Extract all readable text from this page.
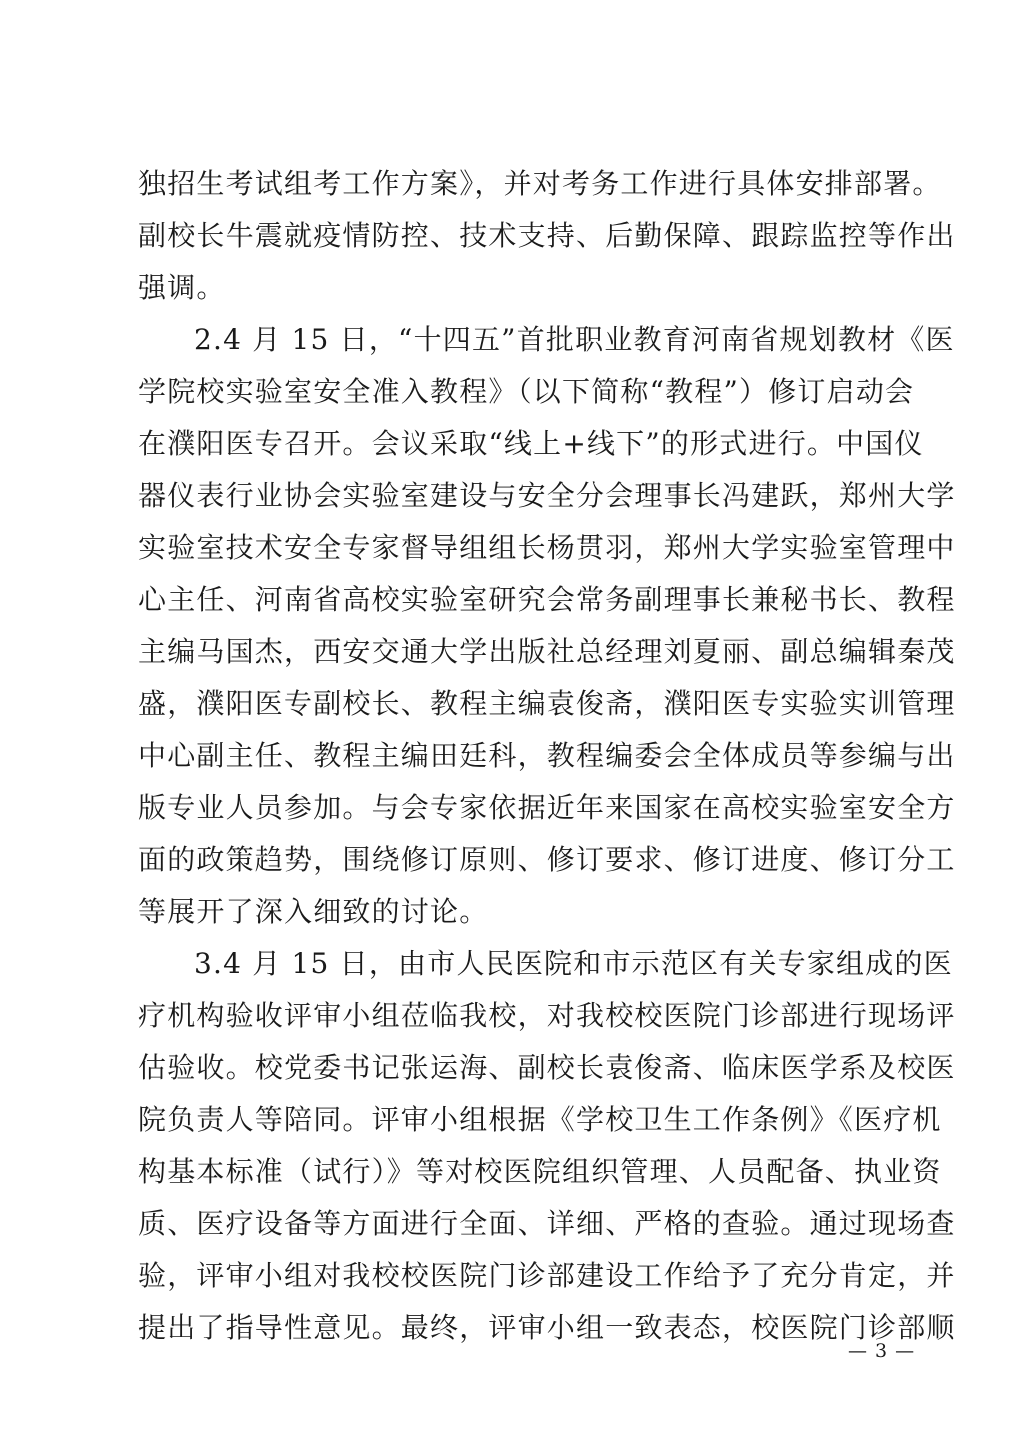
独招生考试组考工作方案》，并对考务工作进行具体安排部署。
副校长牛震就疫情防控、技术支持、后勤保障、跟踪监控等作出
强调。
2.4 月 15 日，“十四五”首批职业教育河南省规划教材《医
学院校实验室安全准入教程》（以下简称“教程”）修订启动会
在濮阳医专召开。会议采取“线上+线下”的形式进行。中国仪
器仪表行业协会实验室建设与安全分会理事长冯建跃，郑州大学
实验室技术安全专家督导组组长杨贯羽，郑州大学实验室管理中
心主任、河南省高校实验室研究会常务副理事长兼秘书长、教程
主编马国杰，西安交通大学出版社总经理刘夏丽、副总编辑秦茂
盛，濮阳医专副校长、教程主编袁俊斋，濮阳医专实验实训管理
中心副主任、教程主编田廷科，教程编委会全体成员等参编与出
版专业人员参加。与会专家依据近年来国家在高校实验室安全方
面的政策趋势，围绕修订原则、修订要求、修订进度、修订分工
等展开了深入细致的讨论。
3.4 月 15 日，由市人民医院和市示范区有关专家组成的医
疗机构验收评审小组莅临我校，对我校校医院门诊部进行现场评
估验收。校党委书记张运海、副校长袁俊斋、临床医学系及校医
院负责人等陪同。评审小组根据《学校卫生工作条例》《医疗机
构基本标准（试行）》等对校医院组织管理、人员配备、执业资
质、医疗设备等方面进行全面、详细、严格的查验。通过现场查
验，评审小组对我校校医院门诊部建设工作给予了充分肯定，并
提出了指导性意见。最终，评审小组一致表态，校医院门诊部顺
— 3 —
